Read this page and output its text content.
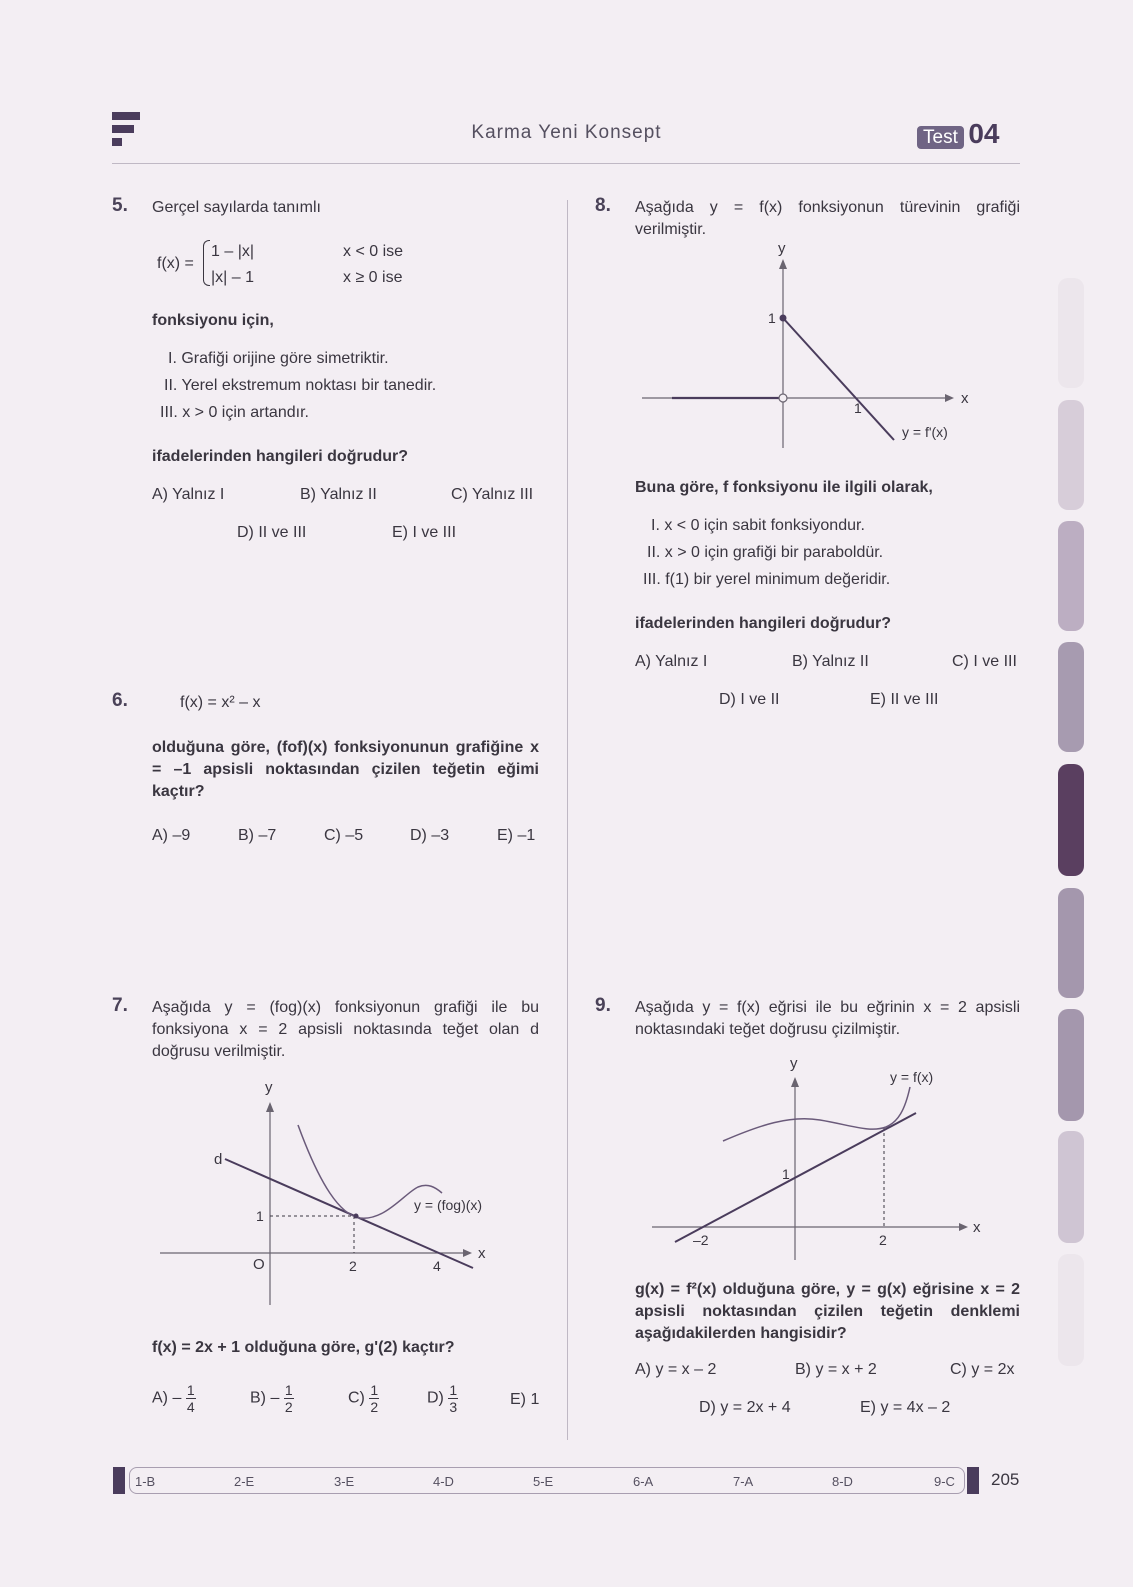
Karma Yeni Konsept	Test 04
5. Gerçel sayılarda tanımlı
f(x) =
1 – |x|	x < 0 ise
|x| – 1	x ≥ 0 ise
fonksiyonu için,
I. Grafiği orijine göre simetriktir.
II. Yerel ekstremum noktası bir tanedir.
III. x > 0 için artandır.
ifadelerinden hangileri doğrudur?
A) Yalnız I	B) Yalnız II	C) Yalnız III
D) II ve III	E) I ve III
6.	f(x) = x² – x
olduğuna göre, (fof)(x) fonksiyonunun grafiğine x = –1 apsisli noktasından çizilen teğetin eğimi kaçtır?
A) –9	B) –7	C) –5	D) –3	E) –1
7. Aşağıda y = (fog)(x) fonksiyonun grafiği ile bu fonksiyona x = 2 apsisli noktasında teğet olan d doğrusu verilmiştir.
y
x
O
d
1
2	4
y = (fog)(x)
f(x) = 2x + 1 olduğuna göre, g'(2) kaçtır?
$A) - \frac{1}{4}$	$B) - \frac{1}{2}$	$C) \frac{1}{2}$	$D) \frac{1}{3}$	E) 1
8. Aşağıda y = f(x) fonksiyonun türevinin grafiği verilmiştir.
y
x
1
1
y = f'(x)
Buna göre, f fonksiyonu ile ilgili olarak,
I. x < 0 için sabit fonksiyondur.
II. x > 0 için grafiği bir paraboldür.
III. f(1) bir yerel minimum değeridir.
ifadelerinden hangileri doğrudur?
A) Yalnız I	B) Yalnız II	C) I ve III
D) I ve II	E) II ve III
9. Aşağıda y = f(x) eğrisi ile bu eğrinin x = 2 apsisli noktasındaki teğet doğrusu çizilmiştir.
y
x
1
–2	2
y = f(x)
g(x) = f²(x) olduğuna göre, y = g(x) eğrisine x = 2 apsisli noktasından çizilen teğetin denklemi aşağıdakilerden hangisidir?
A) y = x – 2	B) y = x + 2	C) y = 2x
D) y = 2x + 4	E) y = 4x – 2
1-B	2-E	3-E	4-D	5-E	6-A	7-A	8-D	9-C 205
